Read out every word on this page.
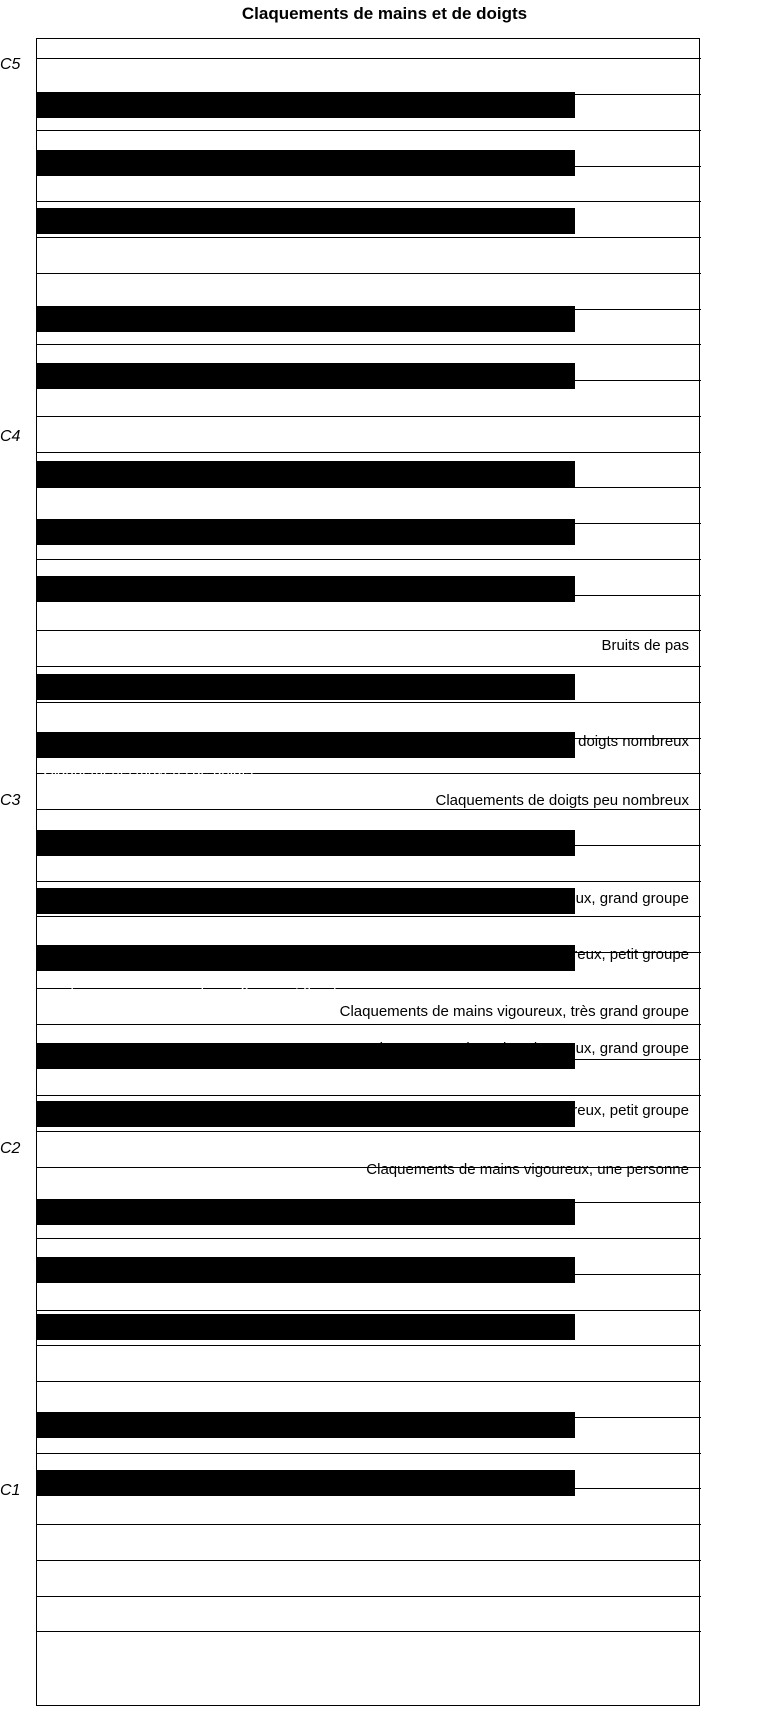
Claquements de mains et de doigts
Bruits de pas
Claquements de doigts nombreux
Claquements moyens de doigts
Claquements de doigts peu nombreux
Claquements de mains peu vigoureux, très grand groupe
Claquements de mains peu vigoureux, grand groupe
Claquements de mains peu vigoureux, groupe moyen
Claquements de mains peu vigoureux, petit groupe
Claquements de mains peu vigoureux, groupe très réduit
Claquements de mains vigoureux, très grand groupe
Claquements de mains vigoureux, grand groupe
Claquements de mains vigoureux, groupe moyen
Claquements de mains vigoureux, petit groupe
Claquements de mains vigoureux, groupe très réduit
Claquements de mains vigoureux, une personne
C5
C4
C3
C2
C1
